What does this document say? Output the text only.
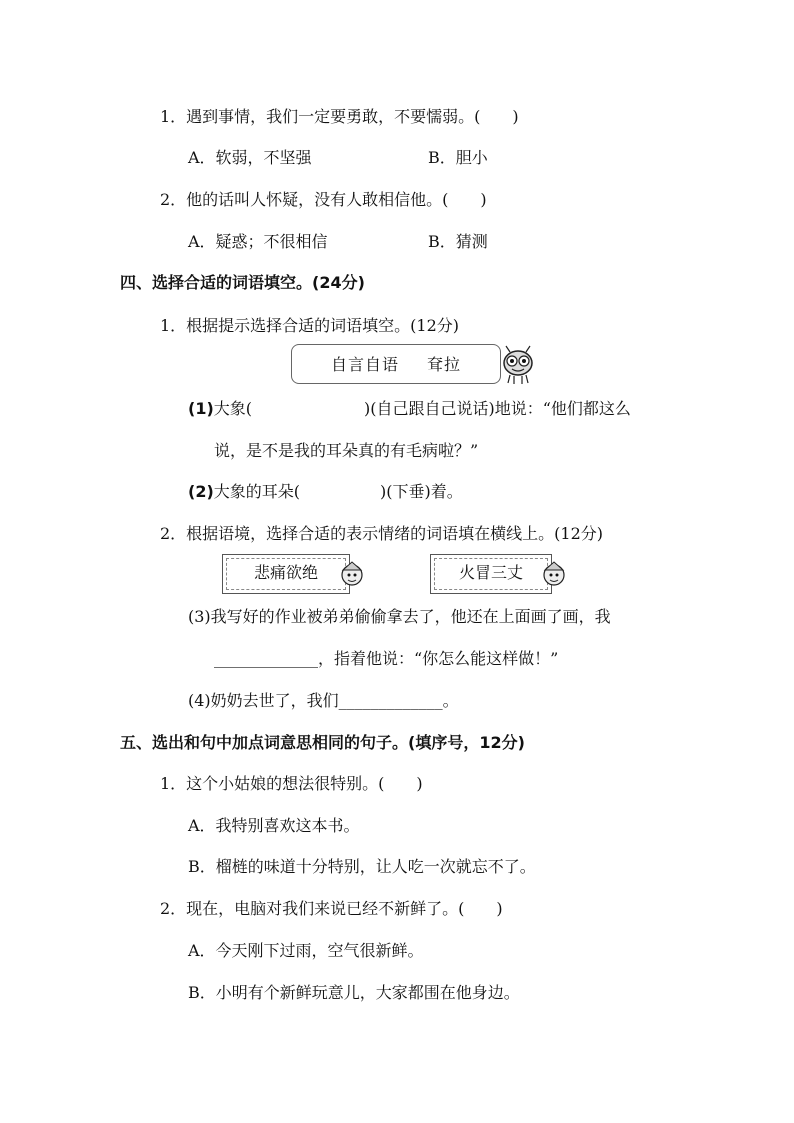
1．遇到事情，我们一定要勇敢，不要懦弱。(　　)
A．软弱，不坚强	B．胆小
2．他的话叫人怀疑，没有人敢相信他。(　　)
A．疑惑；不很相信	B．猜测
四、选择合适的词语填空。(24分)
1．根据提示选择合适的词语填空。(12分)
自言自语 耷拉
(1)大象(　　　　　　　)(自己跟自己说话)地说：“他们都这么
说，是不是我的耳朵真的有毛病啦？”
(2)大象的耳朵(　　　　　)(下垂)着。
2．根据语境，选择合适的表示情绪的词语填在横线上。(12分)
悲痛欲绝	火冒三丈
(3)我写好的作业被弟弟偷偷拿去了，他还在上面画了画，我
_____________，指着他说：“你怎么能这样做！”
(4)奶奶去世了，我们_____________。
五、选出和句中加点词意思相同的句子。(填序号，12分)
1．这个小姑娘的想法很特别。(　　)
A．我特别喜欢这本书。
B．榴梿的味道十分特别，让人吃一次就忘不了。
2．现在，电脑对我们来说已经不新鲜了。(　　)
A．今天刚下过雨，空气很新鲜。
B．小明有个新鲜玩意儿，大家都围在他身边。
